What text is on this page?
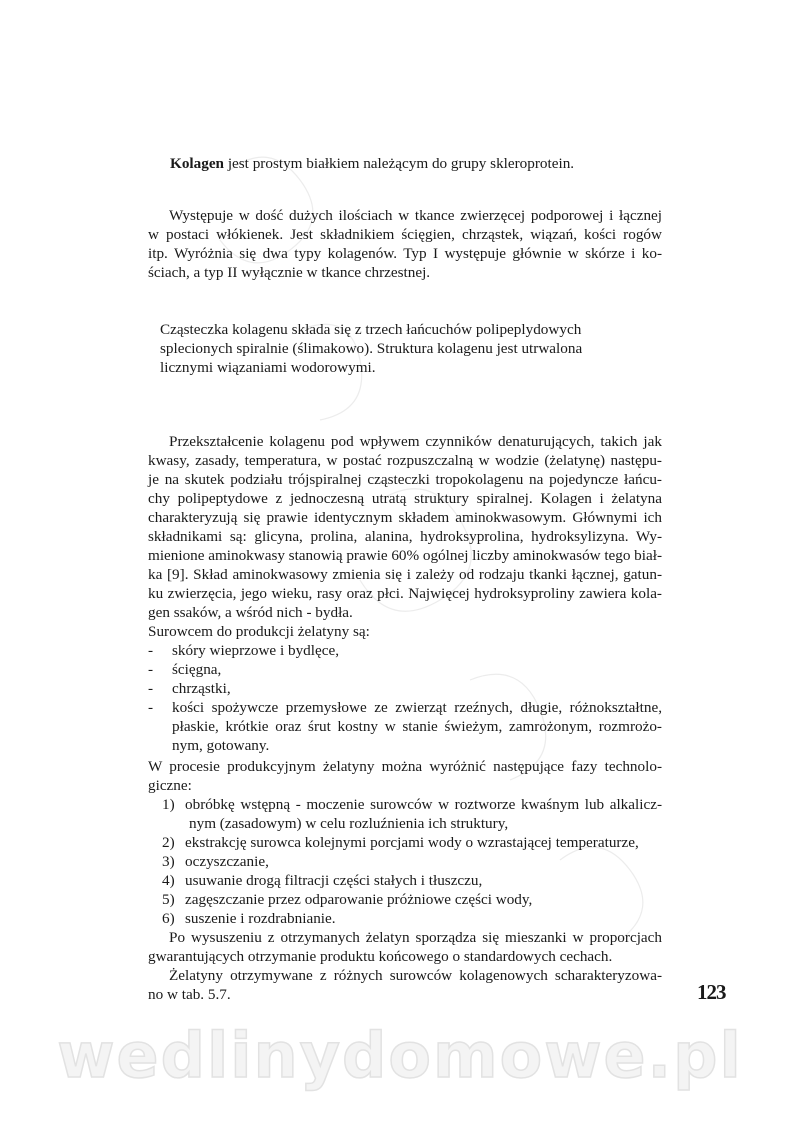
Kolagen jest prostym białkiem należącym do grupy skleroprotein.
Występuje w dość dużych ilościach w tkance zwierzęcej podporowej i łącznej
w postaci włókienek. Jest składnikiem ścięgien, chrząstek, wiązań, kości rogów
itp. Wyróżnia się dwa typy kolagenów. Typ I występuje głównie w skórze i ko-
ściach, a typ II wyłącznie w tkance chrzestnej.
Cząsteczka kolagenu składa się z trzech łańcuchów polipeplydowych
splecionych spiralnie (ślimakowo). Struktura kolagenu jest utrwalona
licznymi wiązaniami wodorowymi.
Przekształcenie kolagenu pod wpływem czynników denaturujących, takich jak
kwasy, zasady, temperatura, w postać rozpuszczalną w wodzie (żelatynę) następu-
je na skutek podziału trójspiralnej cząsteczki tropokolagenu na pojedyncze łańcu-
chy polipeptydowe z jednoczesną utratą struktury spiralnej. Kolagen i żelatyna
charakteryzują się prawie identycznym składem aminokwasowym. Głównymi ich
składnikami są: glicyna, prolina, alanina, hydroksyprolina, hydroksylizyna. Wy-
mienione aminokwasy stanowią prawie 60% ogólnej liczby aminokwasów tego biał-
ka [9]. Skład aminokwasowy zmienia się i zależy od rodzaju tkanki łącznej, gatun-
ku zwierzęcia, jego wieku, rasy oraz płci. Najwięcej hydroksyproliny zawiera kola-
gen ssaków, a wśród nich - bydła.
Surowcem do produkcji żelatyny są:
- skóry wieprzowe i bydlęce,
- ścięgna,
- chrząstki,
- kości spożywcze przemysłowe ze zwierząt rzeźnych, długie, różnokształtne,
płaskie, krótkie oraz śrut kostny w stanie świeżym, zamrożonym, rozmrożo-
nym, gotowany.
W procesie produkcyjnym żelatyny można wyróżnić następujące fazy technolo-
giczne:
1) obróbkę wstępną - moczenie surowców w roztworze kwaśnym lub alkalicz-
nym (zasadowym) w celu rozluźnienia ich struktury,
2) ekstrakcję surowca kolejnymi porcjami wody o wzrastającej temperaturze,
3) oczyszczanie,
4) usuwanie drogą filtracji części stałych i tłuszczu,
5) zagęszczanie przez odparowanie próżniowe części wody,
6) suszenie i rozdrabnianie.
Po wysuszeniu z otrzymanych żelatyn sporządza się mieszanki w proporcjach
gwarantujących otrzymanie produktu końcowego o standardowych cechach.
Żelatyny otrzymywane z różnych surowców kolagenowych scharakteryzowa-
no w tab. 5.7.	123
wedlinydomowe.pl
